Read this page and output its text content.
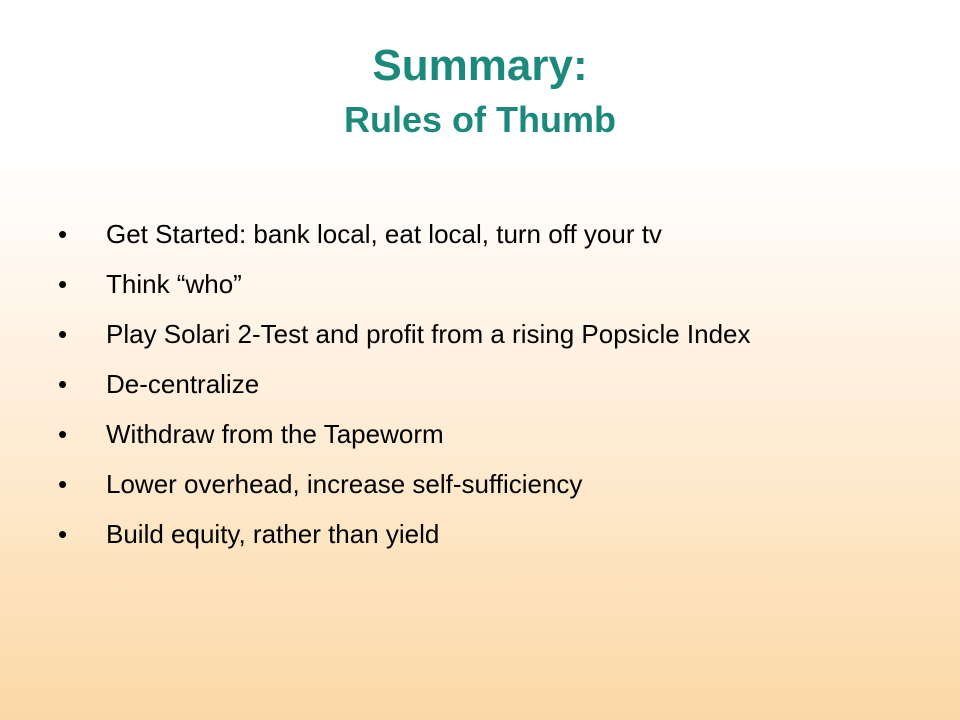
Summary:
Rules of Thumb
• Get Started: bank local, eat local, turn off your tv
• Think “who”
• Play Solari 2-Test and profit from a rising Popsicle Index
• De-centralize
• Withdraw from the Tapeworm
• Lower overhead, increase self-sufficiency
• Build equity, rather than yield
